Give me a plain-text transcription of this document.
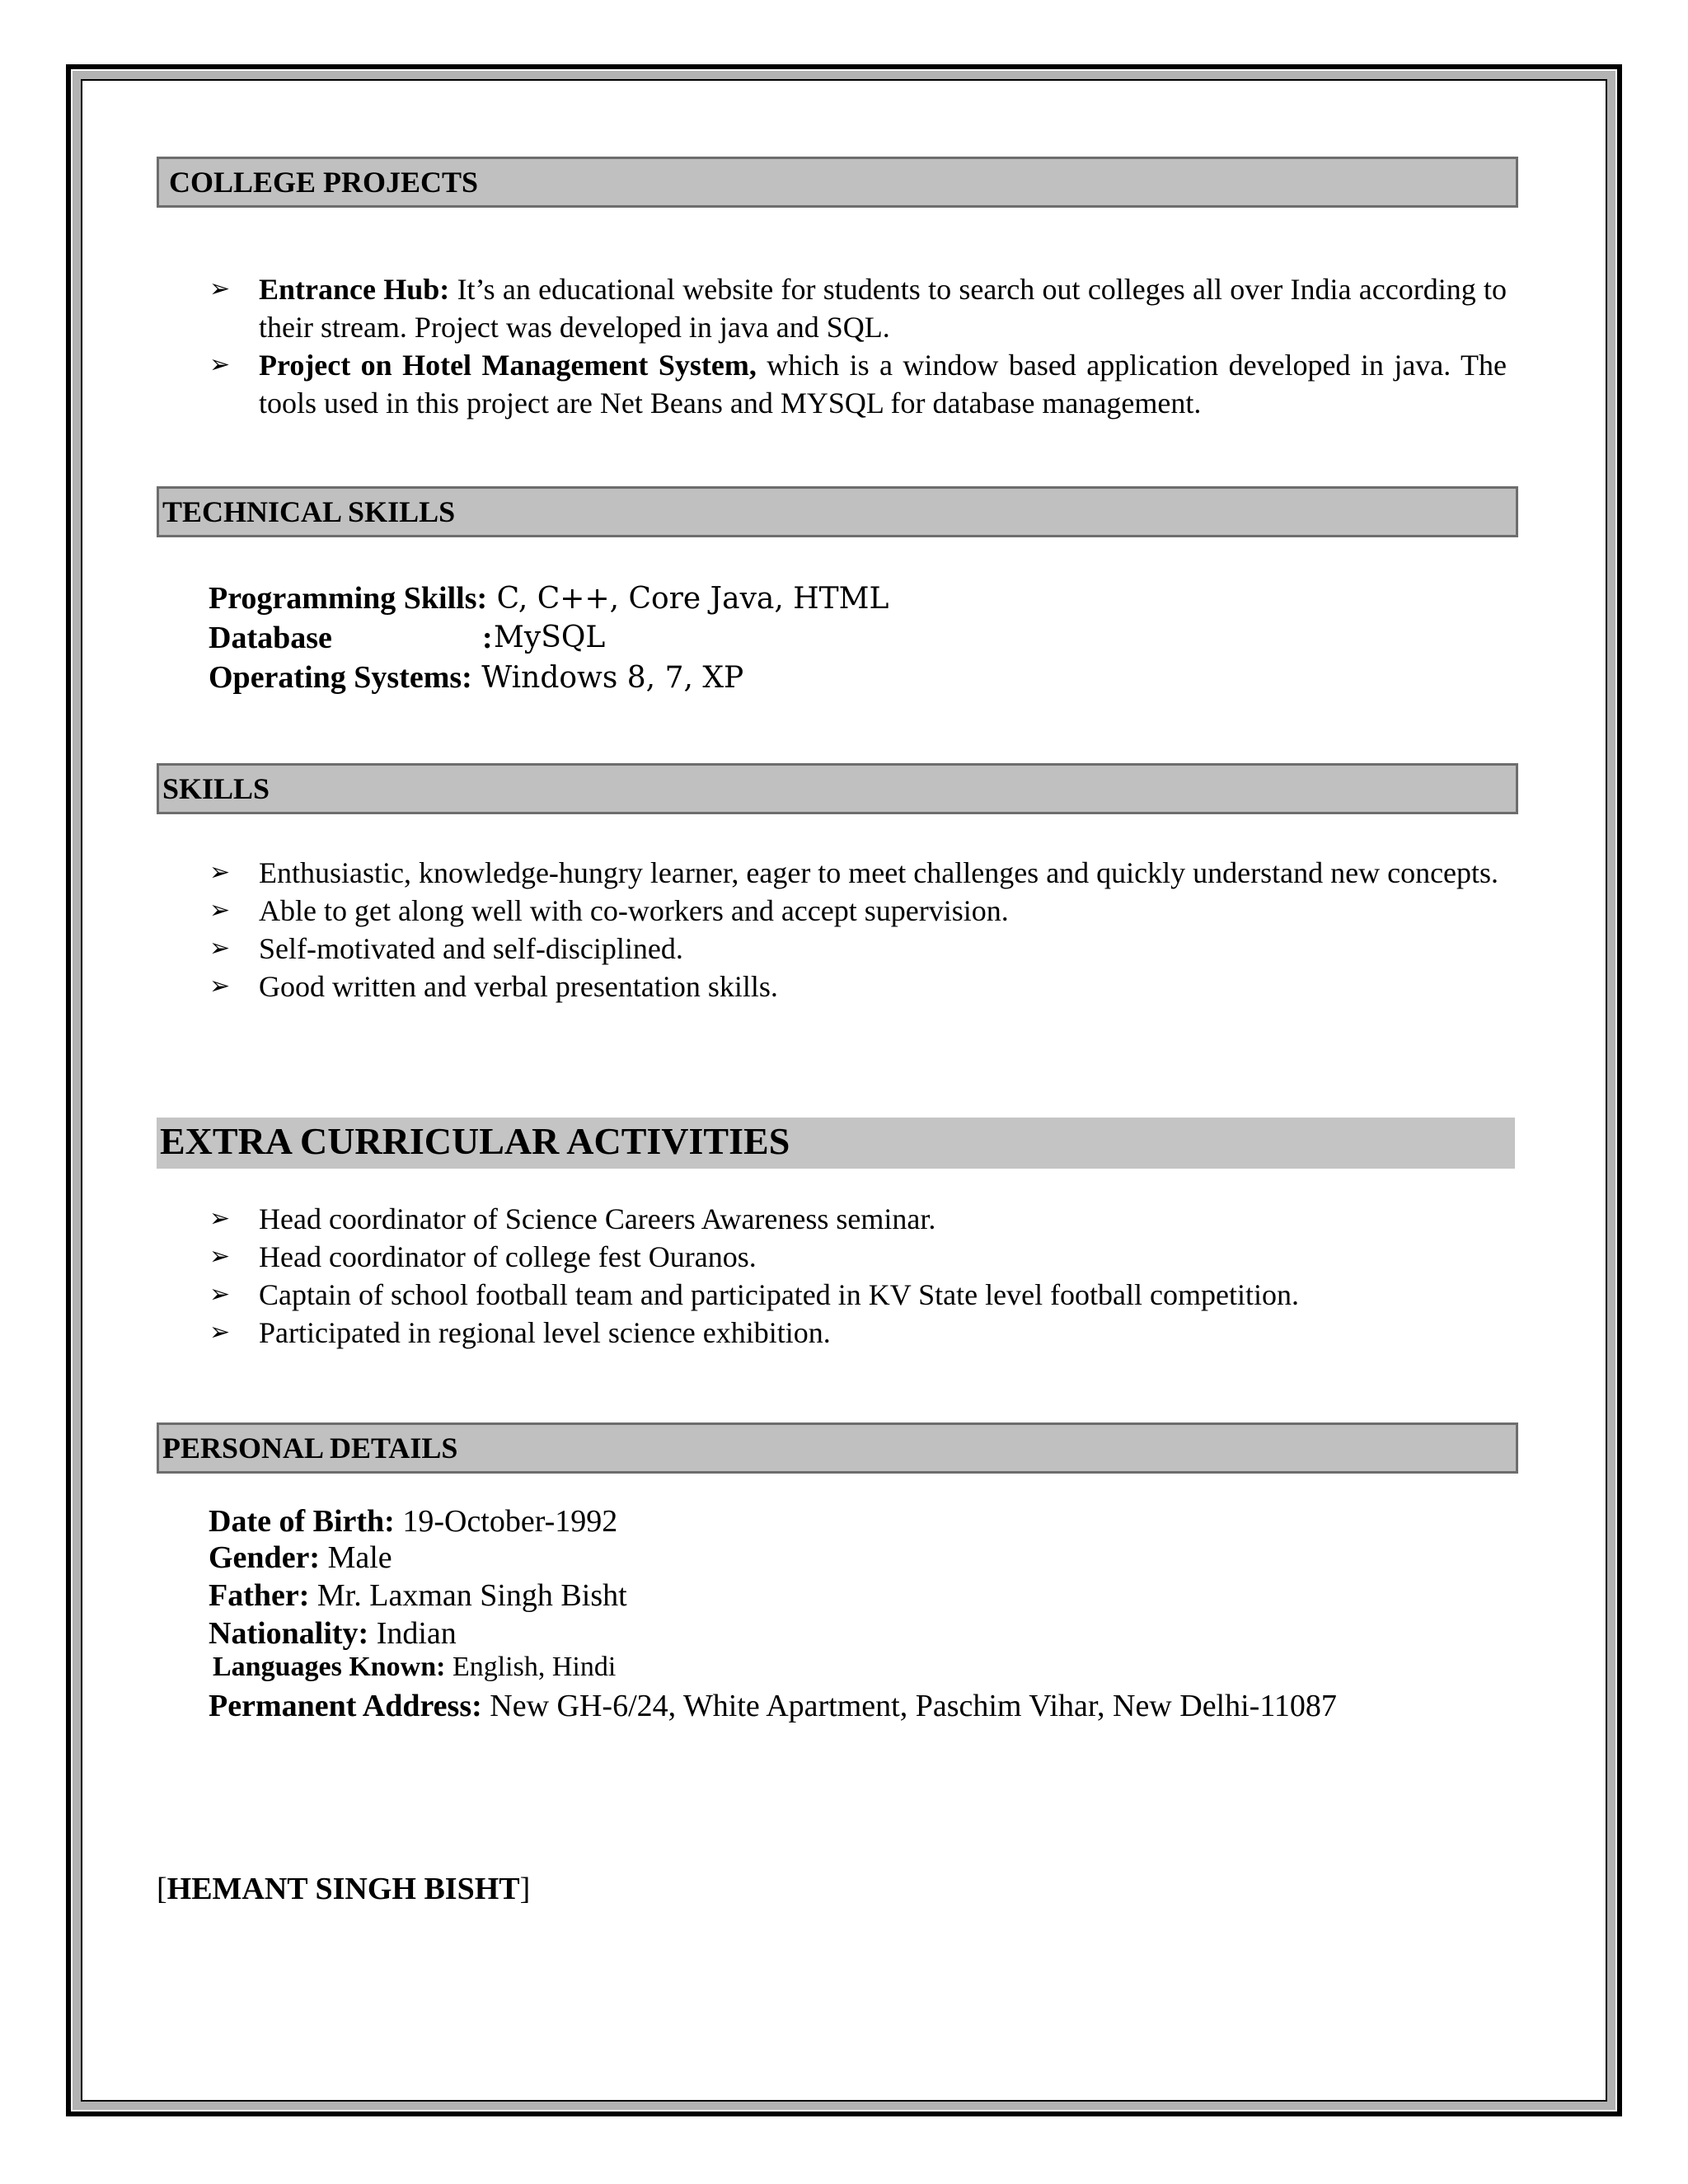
COLLEGE PROJECTS
➢ Entrance Hub: It’s an educational website for students to search out colleges all over India according to their stream. Project was developed in java and SQL.
➢ Project on Hotel Management System, which is a window based application developed in java. The tools used in this project are Net Beans and MYSQL for database management.
TECHNICAL SKILLS
Programming Skills: C, C++, Core Java, HTML
Database	: MySQL
Operating Systems: Windows 8, 7, XP
SKILLS
➢ Enthusiastic, knowledge-hungry learner, eager to meet challenges and quickly understand new concepts.
➢ Able to get along well with co-workers and accept supervision.
➢ Self-motivated and self-disciplined.
➢ Good written and verbal presentation skills.
EXTRA CURRICULAR ACTIVITIES
➢ Head coordinator of Science Careers Awareness seminar.
➢ Head coordinator of college fest Ouranos.
➢ Captain of school football team and participated in KV State level football competition.
➢ Participated in regional level science exhibition.
PERSONAL DETAILS
Date of Birth: 19-October-1992
Gender: Male
Father: Mr. Laxman Singh Bisht
Nationality: Indian
Languages Known: English, Hindi
Permanent Address: New GH-6/24, White Apartment, Paschim Vihar, New Delhi-11087
[HEMANT SINGH BISHT]
